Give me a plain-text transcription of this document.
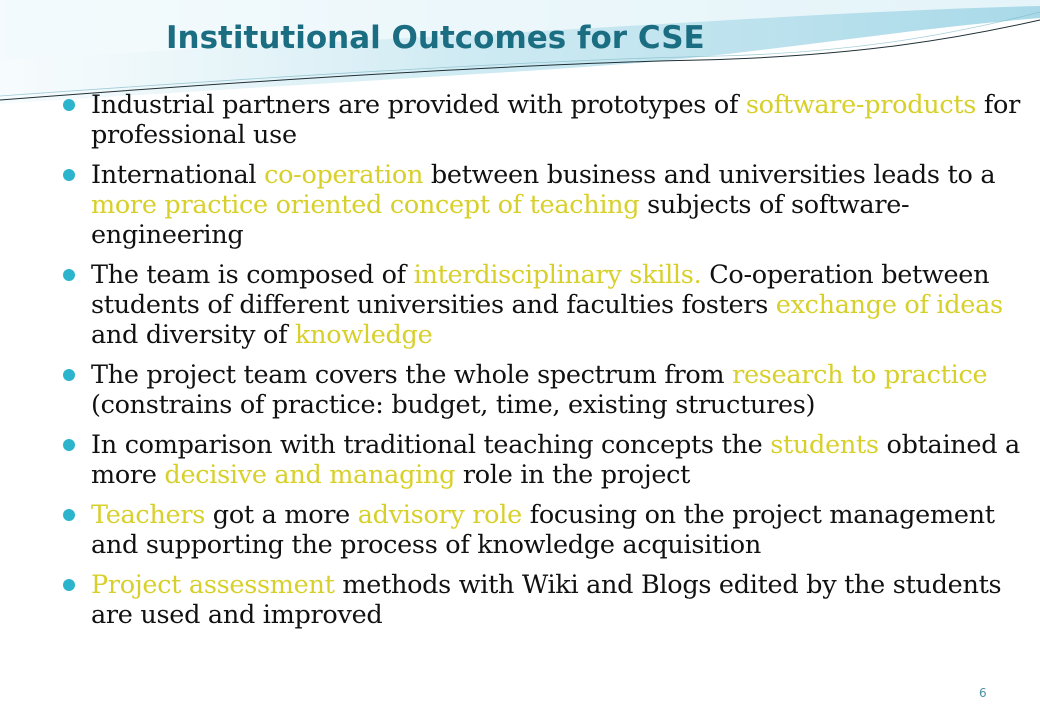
Institutional Outcomes for CSE
Industrial partners are provided with prototypes of software-products for professional use
International co-operation between business and universities leads to a more practice oriented concept of teaching subjects of software-engineering
The team is composed of interdisciplinary skills. Co-operation between students of different universities and faculties fosters exchange of ideas and diversity of knowledge
The project team covers the whole spectrum from research to practice (constrains of practice: budget, time, existing structures)
In comparison with traditional teaching concepts the students obtained a more decisive and managing role in the project
Teachers got a more advisory role focusing on the project management and supporting the process of knowledge acquisition
Project assessment methods with Wiki and Blogs edited by the students are used and improved
6
